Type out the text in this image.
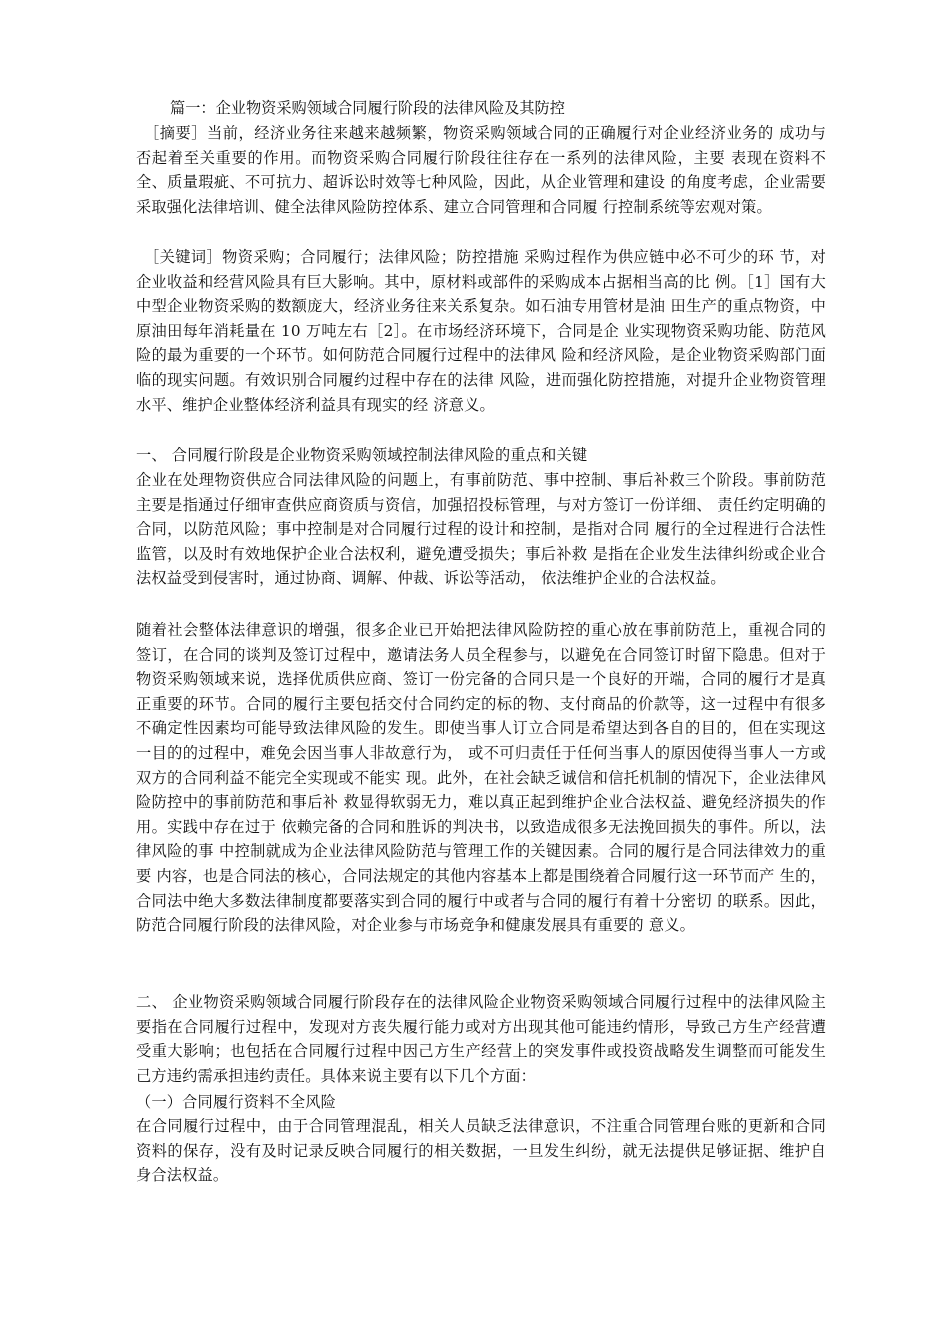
篇一：企业物资采购领域合同履行阶段的法律风险及其防控

［摘要］当前，经济业务往来越来越频繁，物资采购领域合同的正确履行对企业经济业务的 成功与否起着至关重要的作用。而物资采购合同履行阶段往往存在一系列的法律风险，主要 表现在资料不全、质量瑕疵、不可抗力、超诉讼时效等七种风险，因此，从企业管理和建设 的角度考虑，企业需要采取强化法律培训、健全法律风险防控体系、建立合同管理和合同履 行控制系统等宏观对策。

［关键词］物资采购；合同履行；法律风险；防控措施 采购过程作为供应链中必不可少的环 节，对企业收益和经营风险具有巨大影响。其中，原材料或部件的采购成本占据相当高的比 例。［1］国有大中型企业物资采购的数额庞大，经济业务往来关系复杂。如石油专用管材是油 田生产的重点物资，中原油田每年消耗量在 10 万吨左右［2］。在市场经济环境下，合同是企 业实现物资采购功能、防范风险的最为重要的一个环节。如何防范合同履行过程中的法律风 险和经济风险，是企业物资采购部门面临的现实问题。有效识别合同履约过程中存在的法律 风险，进而强化防控措施，对提升企业物资管理水平、维护企业整体经济利益具有现实的经 济意义。

一、 合同履行阶段是企业物资采购领域控制法律风险的重点和关键

企业在处理物资供应合同法律风险的问题上，有事前防范、事中控制、事后补救三个阶段。事前防范主要是指通过仔细审查供应商资质与资信，加强招投标管理，与对方签订一份详细、 责任约定明确的合同，以防范风险；事中控制是对合同履行过程的设计和控制，是指对合同 履行的全过程进行合法性监管，以及时有效地保护企业合法权利，避免遭受损失；事后补救 是指在企业发生法律纠纷或企业合法权益受到侵害时，通过协商、调解、仲裁、诉讼等活动， 依法维护企业的合法权益。

随着社会整体法律意识的增强，很多企业已开始把法律风险防控的重心放在事前防范上，重视合同的签订，在合同的谈判及签订过程中，邀请法务人员全程参与，以避免在合同签订时留下隐患。但对于物资采购领域来说，选择优质供应商、签订一份完备的合同只是一个良好的开端，合同的履行才是真正重要的环节。合同的履行主要包括交付合同约定的标的物、支付商品的价款等，这一过程中有很多不确定性因素均可能导致法律风险的发生。即使当事人订立合同是希望达到各自的目的，但在实现这一目的的过程中，难免会因当事人非故意行为， 或不可归责任于任何当事人的原因使得当事人一方或双方的合同利益不能完全实现或不能实 现。此外，在社会缺乏诚信和信托机制的情况下，企业法律风险防控中的事前防范和事后补 救显得软弱无力，难以真正起到维护企业合法权益、避免经济损失的作用。实践中存在过于 依赖完备的合同和胜诉的判决书，以致造成很多无法挽回损失的事件。所以，法律风险的事 中控制就成为企业法律风险防范与管理工作的关键因素。合同的履行是合同法律效力的重要 内容，也是合同法的核心，合同法规定的其他内容基本上都是围绕着合同履行这一环节而产 生的，合同法中绝大多数法律制度都要落实到合同的履行中或者与合同的履行有着十分密切 的联系。因此，防范合同履行阶段的法律风险，对企业参与市场竞争和健康发展具有重要的 意义。

二、 企业物资采购领域合同履行阶段存在的法律风险企业物资采购领域合同履行过程中的法律风险主要指在合同履行过程中，发现对方丧失履行能力或对方出现其他可能违约情形，导致己方生产经营遭受重大影响；也包括在合同履行过程中因己方生产经营上的突发事件或投资战略发生调整而可能发生己方违约需承担违约责任。具体来说主要有以下几个方面：

（一）合同履行资料不全风险

在合同履行过程中，由于合同管理混乱，相关人员缺乏法律意识，不注重合同管理台账的更新和合同资料的保存，没有及时记录反映合同履行的相关数据，一旦发生纠纷，就无法提供足够证据、维护自身合法权益。
